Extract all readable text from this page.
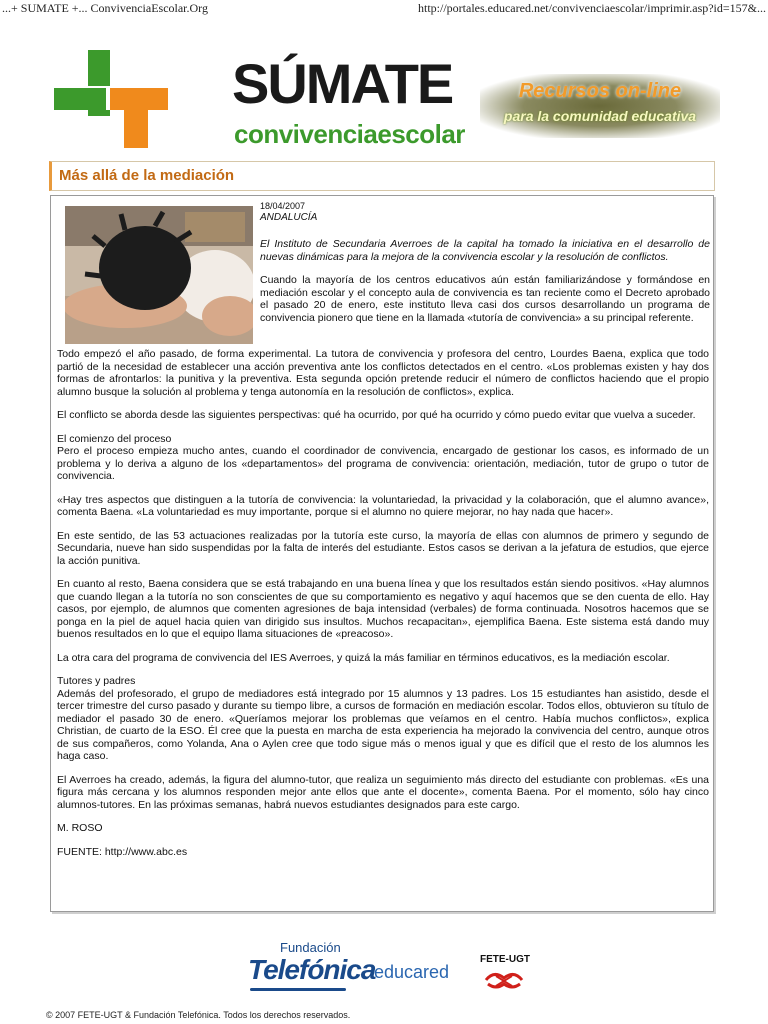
...+ SUMATE +... ConvivenciaEscolar.Org	http://portales.educared.net/convivenciaescolar/imprimir.asp?id=157&...
SÚMATE
convivenciaescolar
Recursos on-line
para la comunidad educativa
Más allá de la mediación
18/04/2007
ANDALUCÍA

El Instituto de Secundaria Averroes de la capital ha tomado la iniciativa en el desarrollo de nuevas dinámicas para la mejora de la convivencia escolar y la resolución de conflictos.

Cuando la mayoría de los centros educativos aún están familiarizándose y formándose en mediación escolar y el concepto aula de convivencia es tan reciente como el Decreto aprobado el pasado 20 de enero, este instituto lleva casi dos cursos desarrollando un programa de convivencia pionero que tiene en la llamada «tutoría de convivencia» a su principal referente.

Todo empezó el año pasado, de forma experimental. La tutora de convivencia y profesora del centro, Lourdes Baena, explica que todo partió de la necesidad de establecer una acción preventiva ante los conflictos detectados en el centro. «Los problemas existen y hay dos formas de afrontarlos: la punitiva y la preventiva. Esta segunda opción pretende reducir el número de conflictos haciendo que el propio alumno busque la solución al problema y tenga autonomía en la resolución de conflictos», explica.

El conflicto se aborda desde las siguientes perspectivas: qué ha ocurrido, por qué ha ocurrido y cómo puedo evitar que vuelva a suceder.

El comienzo del proceso
Pero el proceso empieza mucho antes, cuando el coordinador de convivencia, encargado de gestionar los casos, es informado de un problema y lo deriva a alguno de los «departamentos» del programa de convivencia: orientación, mediación, tutor de grupo o tutor de convivencia.

«Hay tres aspectos que distinguen a la tutoría de convivencia: la voluntariedad, la privacidad y la colaboración, que el alumno avance», comenta Baena. «La voluntariedad es muy importante, porque si el alumno no quiere mejorar, no hay nada que hacer».

En este sentido, de las 53 actuaciones realizadas por la tutoría este curso, la mayoría de ellas con alumnos de primero y segundo de Secundaria, nueve han sido suspendidas por la falta de interés del estudiante. Estos casos se derivan a la jefatura de estudios, que ejerce la acción punitiva.

En cuanto al resto, Baena considera que se está trabajando en una buena línea y que los resultados están siendo positivos. «Hay alumnos que cuando llegan a la tutoría no son conscientes de que su comportamiento es negativo y aquí hacemos que se den cuenta de ello. Hay casos, por ejemplo, de alumnos que comenten agresiones de baja intensidad (verbales) de forma continuada. Nosotros hacemos que se ponga en la piel de aquel hacia quien van dirigido sus insultos. Muchos recapacitan», ejemplifica Baena. Este sistema está dando muy buenos resultados en lo que el equipo llama situaciones de «preacoso».

La otra cara del programa de convivencia del IES Averroes, y quizá la más familiar en términos educativos, es la mediación escolar.

Tutores y padres
Además del profesorado, el grupo de mediadores está integrado por 15 alumnos y 13 padres. Los 15 estudiantes han asistido, desde el tercer trimestre del curso pasado y durante su tiempo libre, a cursos de formación en mediación escolar. Todos ellos, obtuvieron su título de mediador el pasado 30 de enero. «Queríamos mejorar los problemas que veíamos en el centro. Había muchos conflictos», explica Christian, de cuarto de la ESO. Él cree que la puesta en marcha de esta experiencia ha mejorado la convivencia del centro, aunque otros de sus compañeros, como Yolanda, Ana o Aylen cree que todo sigue más o menos igual y que es difícil que el resto de los alumnos les haga caso.

El Averroes ha creado, además, la figura del alumno-tutor, que realiza un seguimiento más directo del estudiante con problemas. «Es una figura más cercana y los alumnos responden mejor ante ellos que ante el docente», comenta Baena. Por el momento, sólo hay cinco alumnos-tutores. En las próximas semanas, habrá nuevos estudiantes designados para este cargo.

M. ROSO

FUENTE: http://www.abc.es

Fundación
Telefónica
educared
FETE-UGT
© 2007 FETE-UGT & Fundación Telefónica. Todos los derechos reservados.
